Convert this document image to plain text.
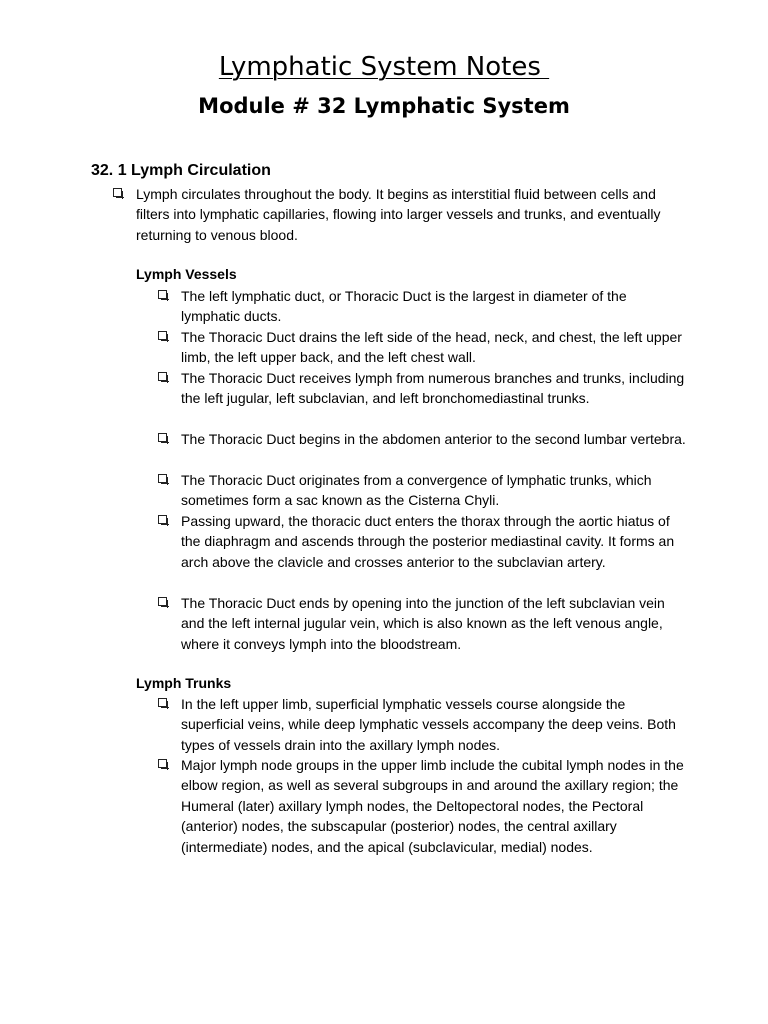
Lymphatic System Notes
Module # 32 Lymphatic System
32. 1 Lymph Circulation
Lymph circulates throughout the body. It begins as interstitial fluid between cells and filters into lymphatic capillaries, flowing into larger vessels and trunks, and eventually returning to venous blood.
Lymph Vessels
The left lymphatic duct, or Thoracic Duct is the largest in diameter of the lymphatic ducts.
The Thoracic Duct drains the left side of the head, neck, and chest, the left upper limb, the left upper back, and the left chest wall.
The Thoracic Duct receives lymph from numerous branches and trunks, including the left jugular, left subclavian, and left bronchomediastinal trunks.
The Thoracic Duct begins in the abdomen anterior to the second lumbar vertebra.
The Thoracic Duct originates from a convergence of lymphatic trunks, which sometimes form a sac known as the Cisterna Chyli.
Passing upward, the thoracic duct enters the thorax through the aortic hiatus of the diaphragm and ascends through the posterior mediastinal cavity. It forms an arch above the clavicle and crosses anterior to the subclavian artery.
The Thoracic Duct ends by opening into the junction of the left subclavian vein and the left internal jugular vein, which is also known as the left venous angle, where it conveys lymph into the bloodstream.
Lymph Trunks
In the left upper limb, superficial lymphatic vessels course alongside the superficial veins, while deep lymphatic vessels accompany the deep veins. Both types of vessels drain into the axillary lymph nodes.
Major lymph node groups in the upper limb include the cubital lymph nodes in the elbow region, as well as several subgroups in and around the axillary region; the Humeral (later) axillary lymph nodes, the Deltopectoral nodes, the Pectoral (anterior) nodes, the subscapular (posterior) nodes, the central axillary (intermediate) nodes, and the apical (subclavicular, medial) nodes.
